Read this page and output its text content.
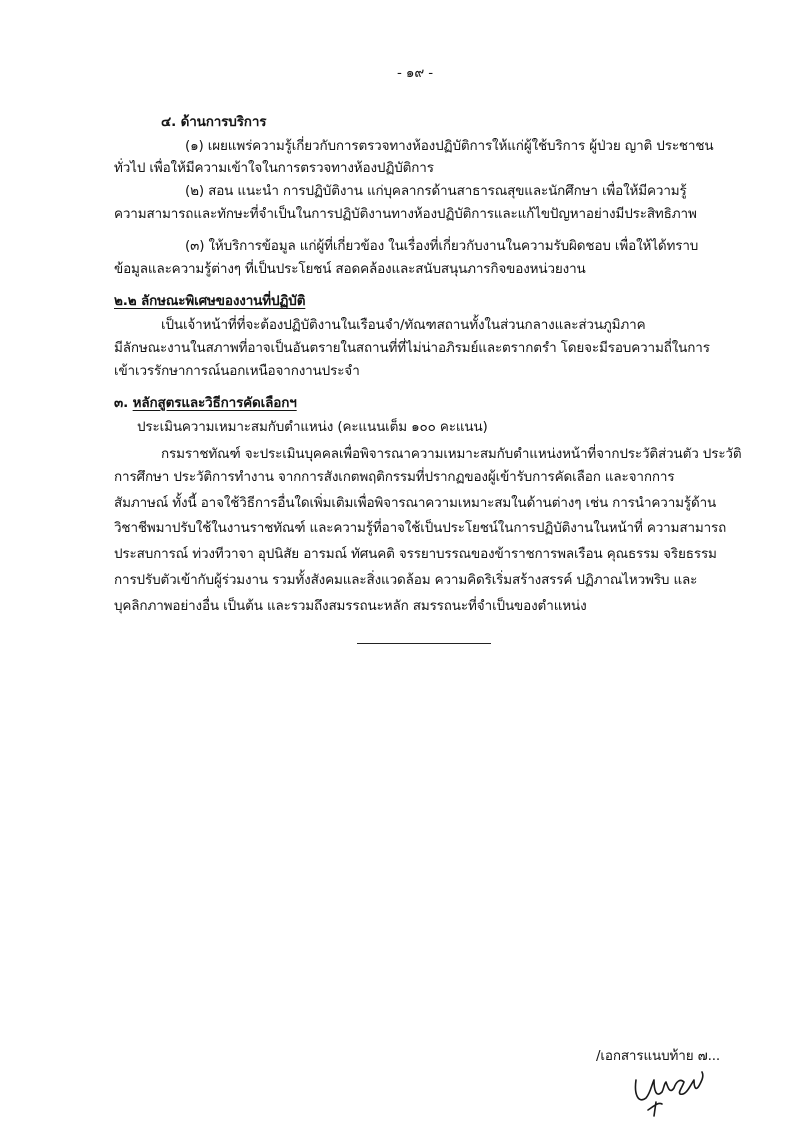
- ๑๙ -
๔. ด้านการบริการ
(๑) เผยแพร่ความรู้เกี่ยวกับการตรวจทางห้องปฏิบัติการให้แก่ผู้ใช้บริการ ผู้ป่วย ญาติ ประชาชน
ทั่วไป เพื่อให้มีความเข้าใจในการตรวจทางห้องปฏิบัติการ
(๒) สอน แนะนำ การปฏิบัติงาน แก่บุคลากรด้านสาธารณสุขและนักศึกษา เพื่อให้มีความรู้
ความสามารถและทักษะที่จำเป็นในการปฏิบัติงานทางห้องปฏิบัติการและแก้ไขปัญหาอย่างมีประสิทธิภาพ
(๓) ให้บริการข้อมูล แก่ผู้ที่เกี่ยวข้อง ในเรื่องที่เกี่ยวกับงานในความรับผิดชอบ เพื่อให้ได้ทราบ
ข้อมูลและความรู้ต่างๆ ที่เป็นประโยชน์ สอดคล้องและสนับสนุนภารกิจของหน่วยงาน
๒.๒ ลักษณะพิเศษของงานที่ปฏิบัติ
เป็นเจ้าหน้าที่ที่จะต้องปฏิบัติงานในเรือนจำ/ทัณฑสถานทั้งในส่วนกลางและส่วนภูมิภาค
มีลักษณะงานในสภาพที่อาจเป็นอันตรายในสถานที่ที่ไม่น่าอภิรมย์และตรากตรำ โดยจะมีรอบความถี่ในการ
เข้าเวรรักษาการณ์นอกเหนือจากงานประจำ
๓. หลักสูตรและวิธีการคัดเลือกฯ
ประเมินความเหมาะสมกับตำแหน่ง (คะแนนเต็ม ๑๐๐ คะแนน)
กรมราชทัณฑ์ จะประเมินบุคคลเพื่อพิจารณาความเหมาะสมกับตำแหน่งหน้าที่จากประวัติส่วนตัว ประวัติ
การศึกษา ประวัติการทำงาน จากการสังเกตพฤติกรรมที่ปรากฏของผู้เข้ารับการคัดเลือก และจากการ
สัมภาษณ์ ทั้งนี้ อาจใช้วิธีการอื่นใดเพิ่มเติมเพื่อพิจารณาความเหมาะสมในด้านต่างๆ เช่น การนำความรู้ด้าน
วิชาชีพมาปรับใช้ในงานราชทัณฑ์ และความรู้ที่อาจใช้เป็นประโยชน์ในการปฏิบัติงานในหน้าที่ ความสามารถ
ประสบการณ์ ท่วงทีวาจา อุปนิสัย อารมณ์ ทัศนคติ จรรยาบรรณของข้าราชการพลเรือน คุณธรรม จริยธรรม
การปรับตัวเข้ากับผู้ร่วมงาน รวมทั้งสังคมและสิ่งแวดล้อม ความคิดริเริ่มสร้างสรรค์ ปฏิภาณไหวพริบ และ
บุคลิกภาพอย่างอื่น เป็นต้น และรวมถึงสมรรถนะหลัก สมรรถนะที่จำเป็นของตำแหน่ง
/เอกสารแนบท้าย ๗...
